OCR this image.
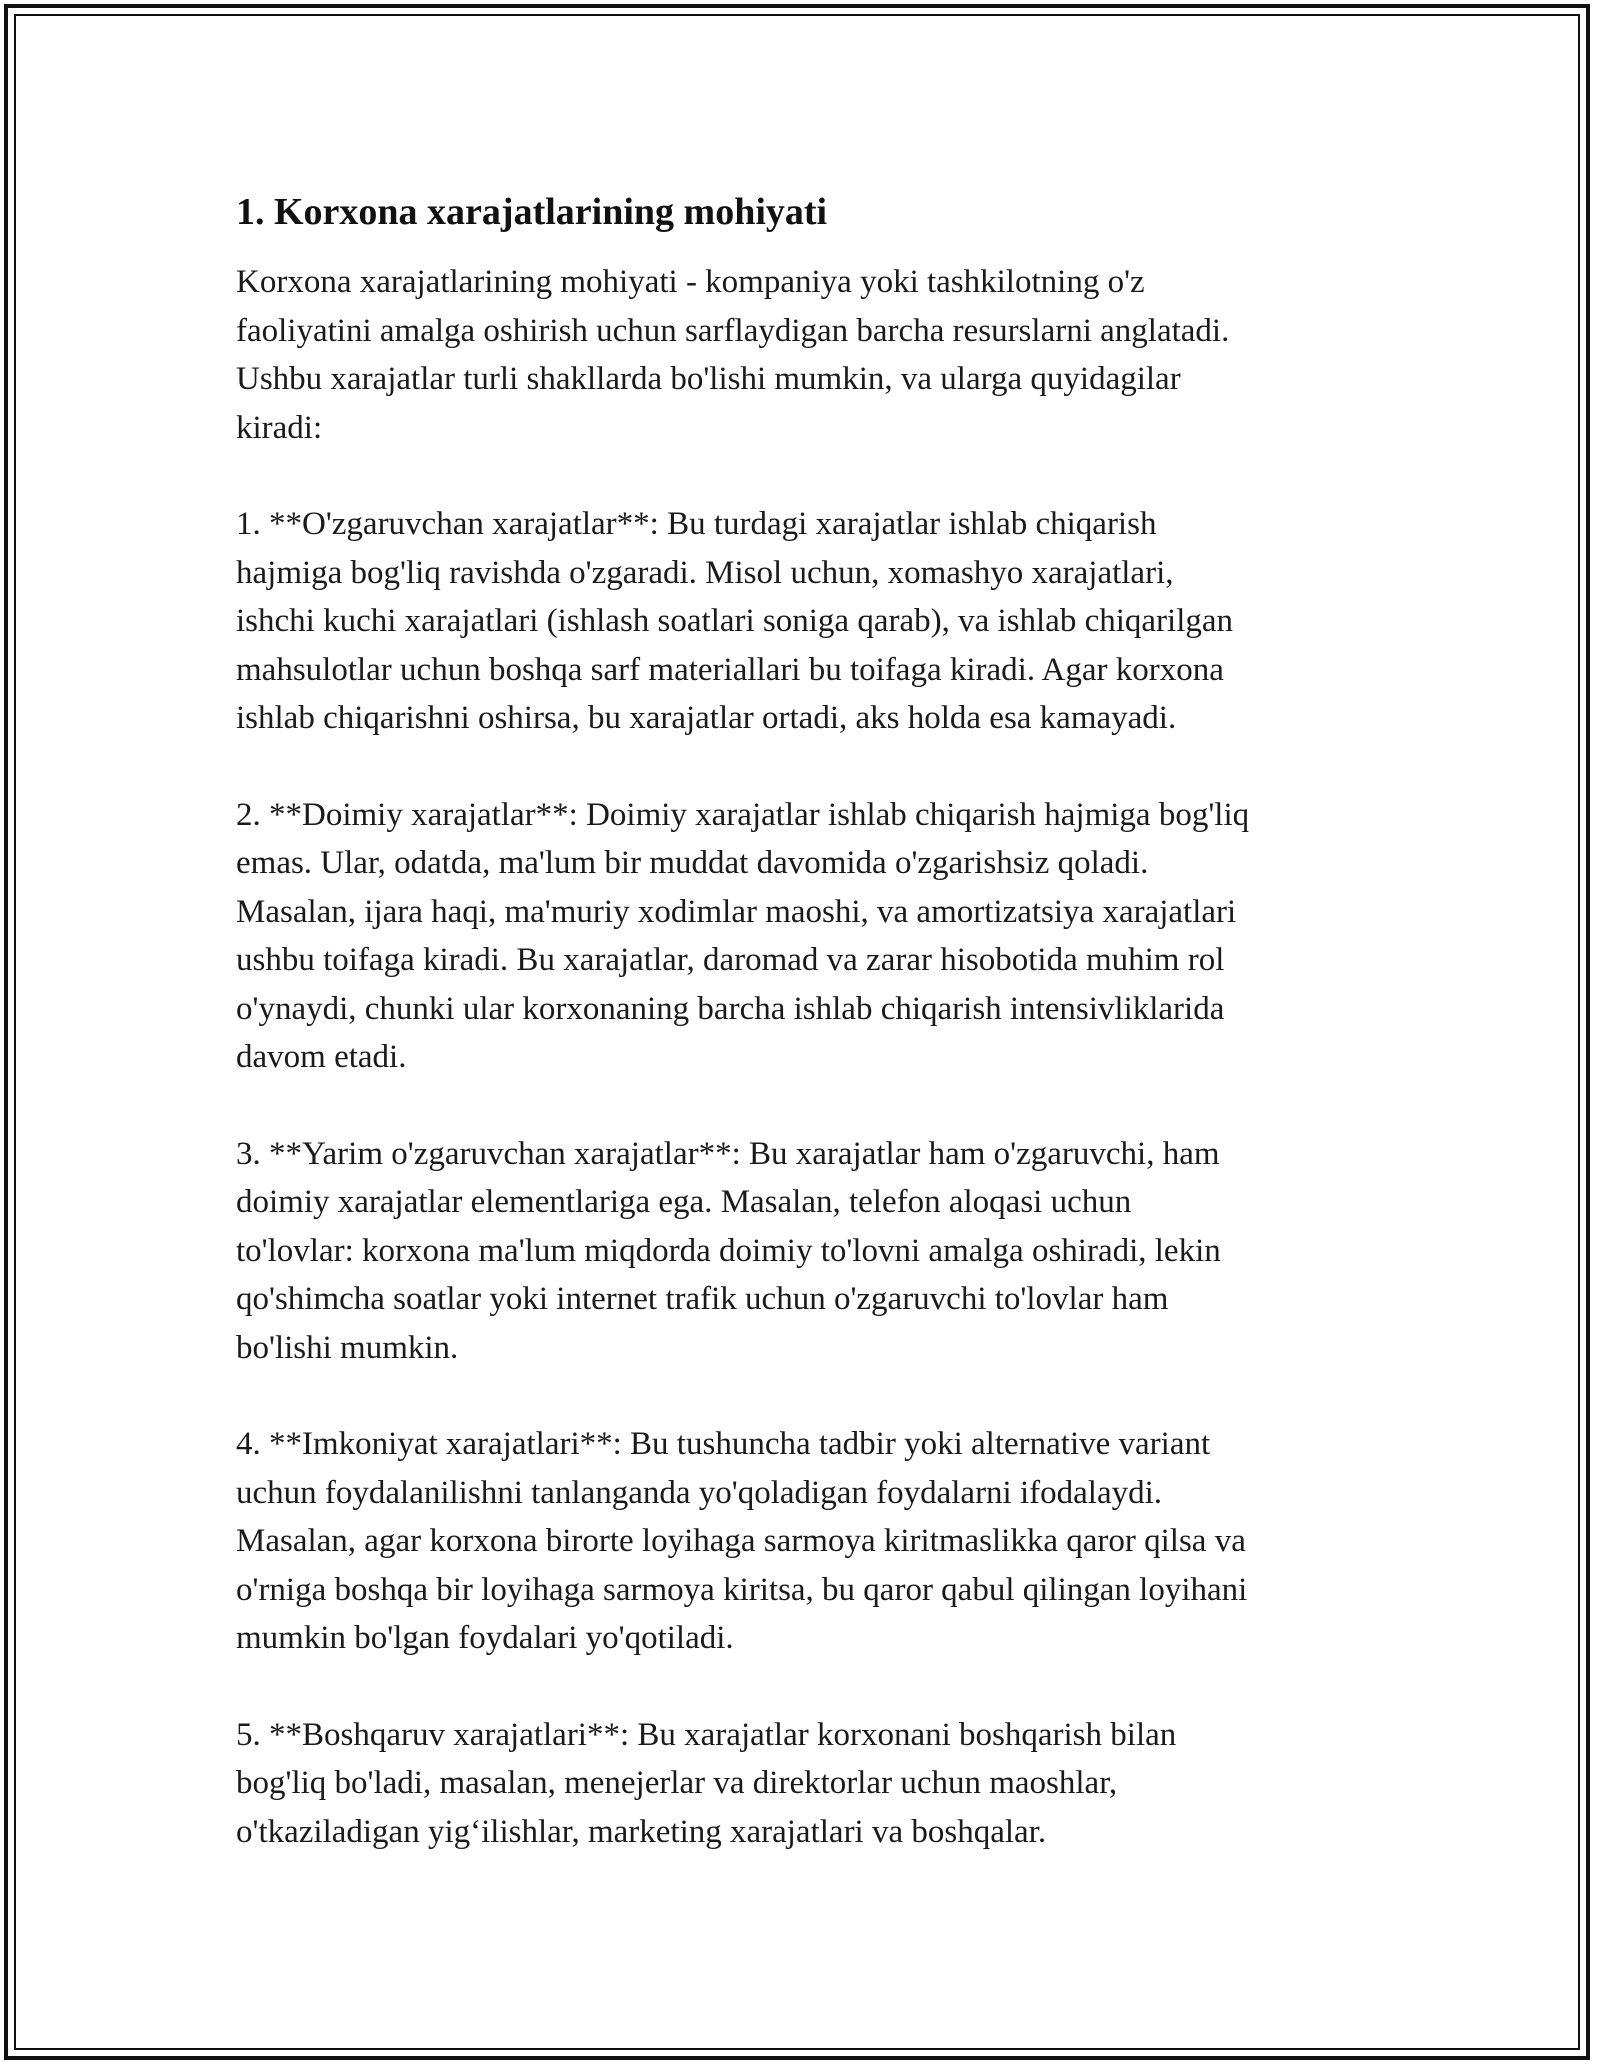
1. Korxona xarajatlarining mohiyati

Korxona xarajatlarining mohiyati - kompaniya yoki tashkilotning o'z
faoliyatini amalga oshirish uchun sarflaydigan barcha resurslarni anglatadi.
Ushbu xarajatlar turli shakllarda bo'lishi mumkin, va ularga quyidagilar
kiradi:

1. **O'zgaruvchan xarajatlar**: Bu turdagi xarajatlar ishlab chiqarish
hajmiga bog'liq ravishda o'zgaradi. Misol uchun, xomashyo xarajatlari,
ishchi kuchi xarajatlari (ishlash soatlari soniga qarab), va ishlab chiqarilgan
mahsulotlar uchun boshqa sarf materiallari bu toifaga kiradi. Agar korxona
ishlab chiqarishni oshirsa, bu xarajatlar ortadi, aks holda esa kamayadi.

2. **Doimiy xarajatlar**: Doimiy xarajatlar ishlab chiqarish hajmiga bog'liq
emas. Ular, odatda, ma'lum bir muddat davomida o'zgarishsiz qoladi.
Masalan, ijara haqi, ma'muriy xodimlar maoshi, va amortizatsiya xarajatlari
ushbu toifaga kiradi. Bu xarajatlar, daromad va zarar hisobotida muhim rol
o'ynaydi, chunki ular korxonaning barcha ishlab chiqarish intensivliklarida
davom etadi.

3. **Yarim o'zgaruvchan xarajatlar**: Bu xarajatlar ham o'zgaruvchi, ham
doimiy xarajatlar elementlariga ega. Masalan, telefon aloqasi uchun
to'lovlar: korxona ma'lum miqdorda doimiy to'lovni amalga oshiradi, lekin
qo'shimcha soatlar yoki internet trafik uchun o'zgaruvchi to'lovlar ham
bo'lishi mumkin.

4. **Imkoniyat xarajatlari**: Bu tushuncha tadbir yoki alternative variant
uchun foydalanilishni tanlanganda yo'qoladigan foydalarni ifodalaydi.
Masalan, agar korxona birorte loyihaga sarmoya kiritmaslikka qaror qilsa va
o'rniga boshqa bir loyihaga sarmoya kiritsa, bu qaror qabul qilingan loyihani
mumkin bo'lgan foydalari yo'qotiladi.

5. **Boshqaruv xarajatlari**: Bu xarajatlar korxonani boshqarish bilan
bog'liq bo'ladi, masalan, menejerlar va direktorlar uchun maoshlar,
o'tkaziladigan yig‘ilishlar, marketing xarajatlari va boshqalar.
